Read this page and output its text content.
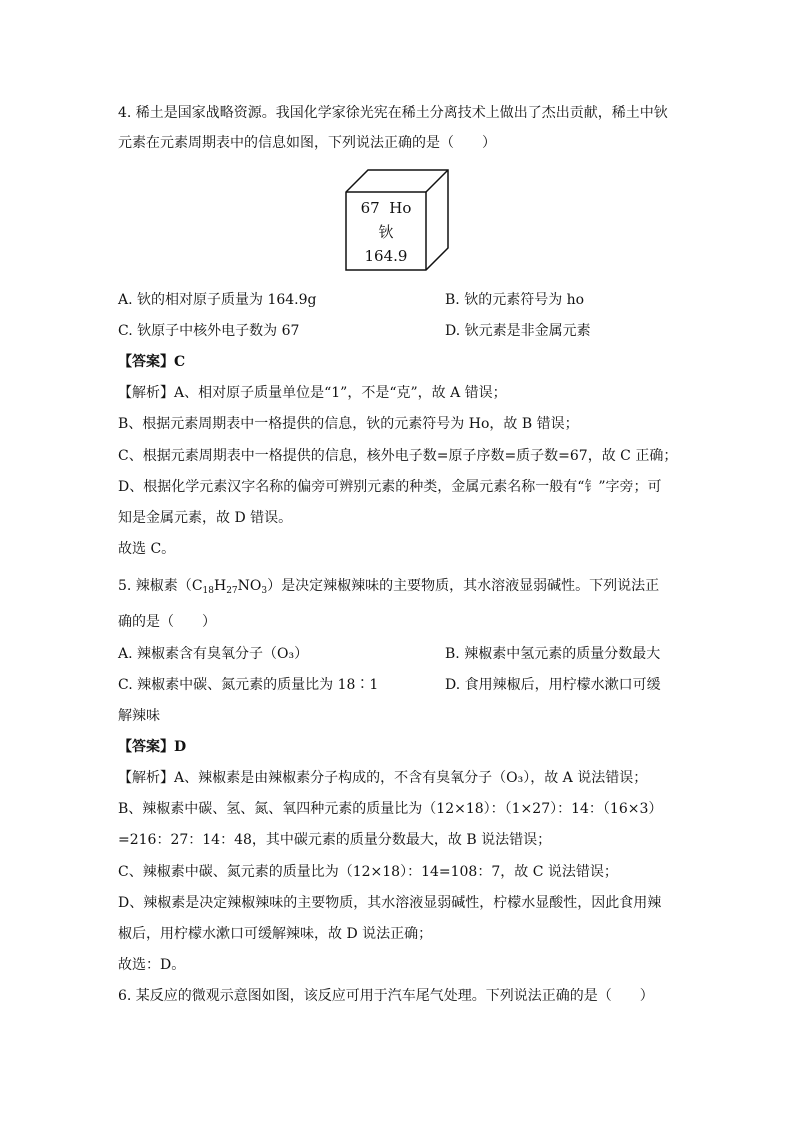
4. 稀土是国家战略资源。我国化学家徐光宪在稀土分离技术上做出了杰出贡献，稀土中钬
元素在元素周期表中的信息如图，下列说法正确的是（　　）
67 Ho
钬
164.9
A. 钬的相对原子质量为 164.9g	B. 钬的元素符号为 ho
C. 钬原子中核外电子数为 67	D. 钬元素是非金属元素
【答案】C
【解析】A、相对原子质量单位是“1”，不是“克”，故 A 错误；
B、根据元素周期表中一格提供的信息，钬的元素符号为 Ho，故 B 错误；
C、根据元素周期表中一格提供的信息，核外电子数=原子序数=质子数=67，故 C 正确；
D、根据化学元素汉字名称的偏旁可辨别元素的种类，金属元素名称一般有“钅”字旁；可
知是金属元素，故 D 错误。
故选 C。
5. 辣椒素$(C_{18}H_{27}NO_3)$是决定辣椒辣味的主要物质，其水溶液显弱碱性。下列说法正
确的是（　　）
A. 辣椒素含有臭氧分子（O₃）	B. 辣椒素中氢元素的质量分数最大
C. 辣椒素中碳、氮元素的质量比为 18∶1	D. 食用辣椒后，用柠檬水漱口可缓
解辣味
【答案】D
【解析】A、辣椒素是由辣椒素分子构成的，不含有臭氧分子（O₃），故 A 说法错误；
B、辣椒素中碳、氢、氮、氧四种元素的质量比为（12×18）：（1×27）：14：（16×3）
=216：27：14：48，其中碳元素的质量分数最大，故 B 说法错误；
C、辣椒素中碳、氮元素的质量比为（12×18）：14=108：7，故 C 说法错误；
D、辣椒素是决定辣椒辣味的主要物质，其水溶液显弱碱性，柠檬水显酸性，因此食用辣
椒后，用柠檬水漱口可缓解辣味，故 D 说法正确；
故选：D。
6. 某反应的微观示意图如图，该反应可用于汽车尾气处理。下列说法正确的是（　　）
